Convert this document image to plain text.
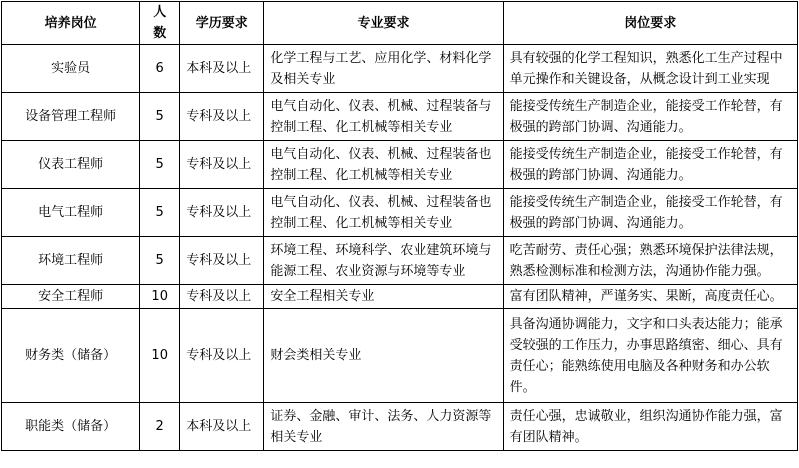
培养岗位	人数	学历要求	专业要求	岗位要求
实验员	6	本科及以上	化学工程与工艺、应用化学、材料化学及相关专业	具有较强的化学工程知识，熟悉化工生产过程中单元操作和关键设备，从概念设计到工业实现
设备管理工程师	5	专科及以上	电气自动化、仪表、机械、过程装备与控制工程、化工机械等相关专业	能接受传统生产制造企业，能接受工作轮替，有极强的跨部门协调、沟通能力。
仪表工程师	5	专科及以上	电气自动化、仪表、机械、过程装备也控制工程、化工机械等相关专业	能接受传统生产制造企业，能接受工作轮替，有极强的跨部门协调、沟通能力。
电气工程师	5	专科及以上	电气自动化、仪表、机械、过程装备也控制工程、化工机械等相关专业	能接受传统生产制造企业，能接受工作轮替，有极强的跨部门协调、沟通能力。
环境工程师	5	专科及以上	环境工程、环境科学、农业建筑环境与能源工程、农业资源与环境等专业	吃苦耐劳、责任心强；熟悉环境保护法律法规，熟悉检测标准和检测方法，沟通协作能力强。
安全工程师	10	专科及以上	安全工程相关专业	富有团队精神，严谨务实、果断，高度责任心。
财务类（储备）	10	专科及以上	财会类相关专业	具备沟通协调能力，文字和口头表达能力；能承受较强的工作压力，办事思路缜密、细心、具有责任心；能熟练使用电脑及各种财务和办公软件。
职能类（储备）	2	本科及以上	证券、金融、审计、法务、人力资源等相关专业	责任心强，忠诚敬业，组织沟通协作能力强，富有团队精神。
